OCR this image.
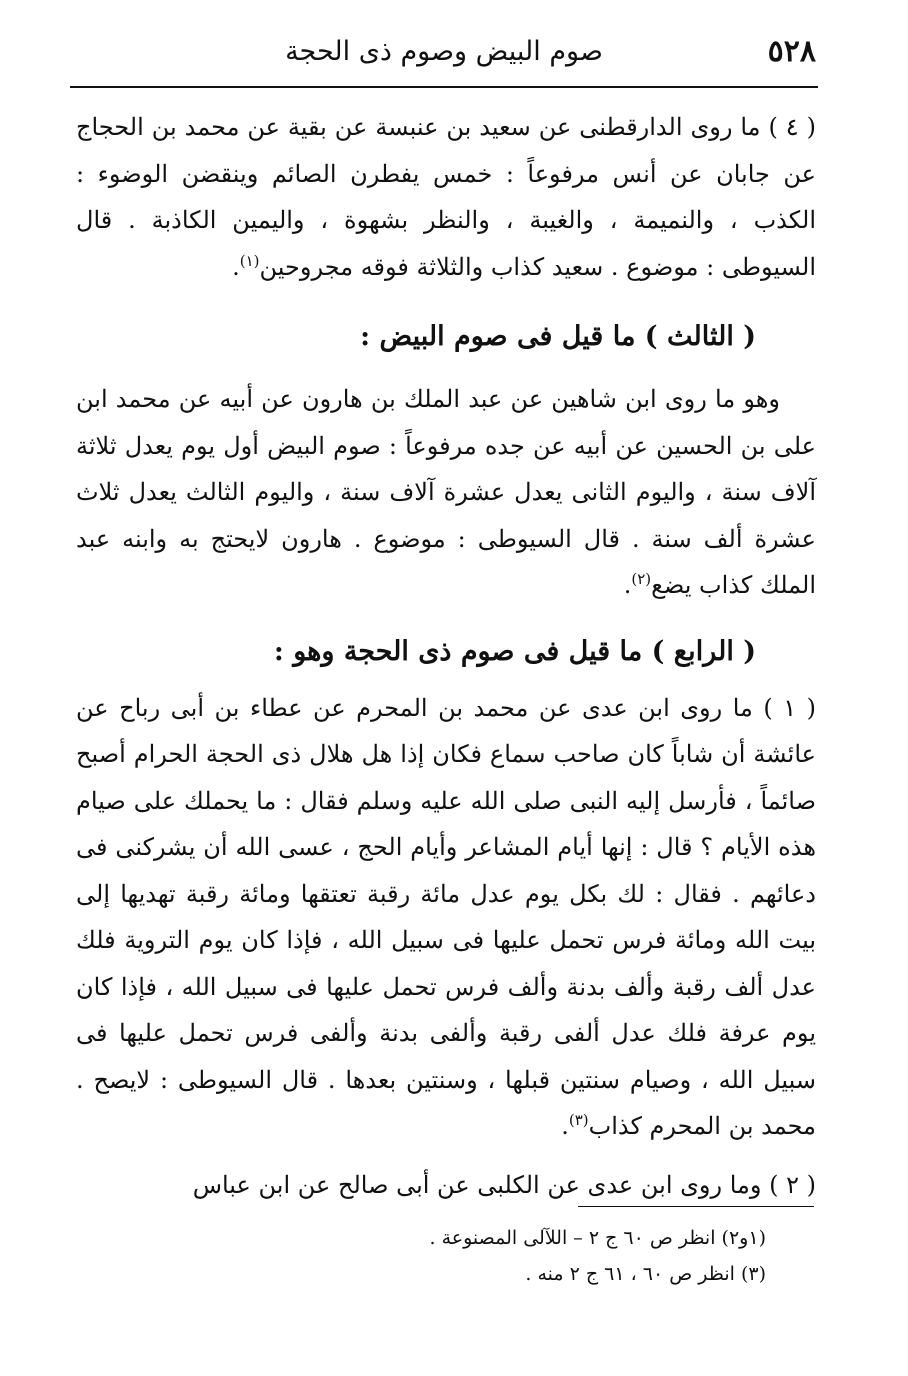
٥٢٨
صوم البيض وصوم ذى الحجة

( ٤ ) ما روى الدارقطنى عن سعيد بن عنبسة عن بقية عن محمد بن الحجاج عن جابان عن أنس مرفوعاً : خمس يفطرن الصائم وينقضن الوضوء : الكذب ، والنميمة ، والغيبة ، والنظر بشهوة ، واليمين الكاذبة . قال السيوطى : موضوع . سعيد كذاب والثلاثة فوقه مجروحين$^{(١)}$.

( الثالث ) ما قيل فى صوم البيض :

وهو ما روى ابن شاهين عن عبد الملك بن هارون عن أبيه عن محمد ابن على بن الحسين عن أبيه عن جده مرفوعاً : صوم البيض أول يوم يعدل ثلاثة آلاف سنة ، واليوم الثانى يعدل عشرة آلاف سنة ، واليوم الثالث يعدل ثلاث عشرة ألف سنة . قال السيوطى : موضوع . هارون لايحتج به وابنه عبد الملك كذاب يضع$^{(٢)}$.

( الرابع ) ما قيل فى صوم ذى الحجة وهو :

( ١ ) ما روى ابن عدى عن محمد بن المحرم عن عطاء بن أبى رباح عن عائشة أن شاباً كان صاحب سماع فكان إذا هل هلال ذى الحجة الحرام أصبح صائماً ، فأرسل إليه النبى صلى الله عليه وسلم فقال : ما يحملك على صيام هذه الأيام ؟ قال : إنها أيام المشاعر وأيام الحج ، عسى الله أن يشركنى فى دعائهم . فقال : لك بكل يوم عدل مائة رقبة تعتقها ومائة رقبة تهديها إلى بيت الله ومائة فرس تحمل عليها فى سبيل الله ، فإذا كان يوم التروية فلك عدل ألف رقبة وألف بدنة وألف فرس تحمل عليها فى سبيل الله ، فإذا كان يوم عرفة فلك عدل ألفى رقبة وألفى بدنة وألفى فرس تحمل عليها فى سبيل الله ، وصيام سنتين قبلها ، وسنتين بعدها . قال السيوطى : لايصح . محمد بن المحرم كذاب$^{(٣)}$.

( ٢ ) وما روى ابن عدى عن الكلبى عن أبى صالح عن ابن عباس

(١و٢) انظر ص ٦٠ ج ٢ – اللآلى المصنوعة .

(٣) انظر ص ٦٠ ، ٦١ ج ٢ منه .
